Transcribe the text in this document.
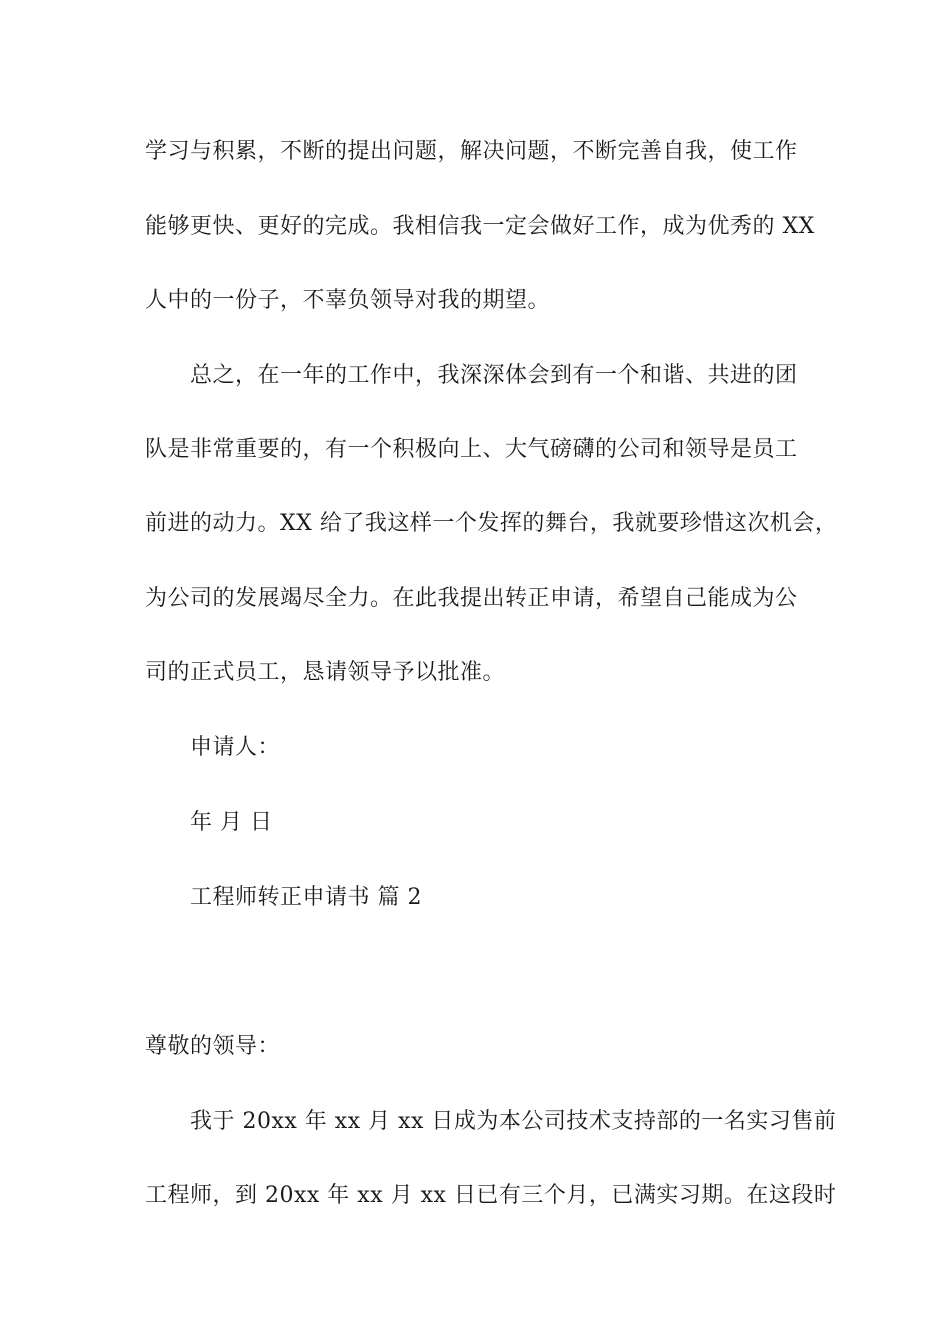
学习与积累，不断的提出问题，解决问题，不断完善自我，使工作
能够更快、更好的完成。我相信我一定会做好工作，成为优秀的 XX
人中的一份子，不辜负领导对我的期望。
总之，在一年的工作中，我深深体会到有一个和谐、共进的团
队是非常重要的，有一个积极向上、大气磅礴的公司和领导是员工
前进的动力。XX 给了我这样一个发挥的舞台，我就要珍惜这次机会，
为公司的发展竭尽全力。在此我提出转正申请，希望自己能成为公
司的正式员工，恳请领导予以批准。
申请人：
年 月 日
工程师转正申请书 篇 2
尊敬的领导：
我于 20xx 年 xx 月 xx 日成为本公司技术支持部的一名实习售前
工程师，到 20xx 年 xx 月 xx 日已有三个月，已满实习期。在这段时
